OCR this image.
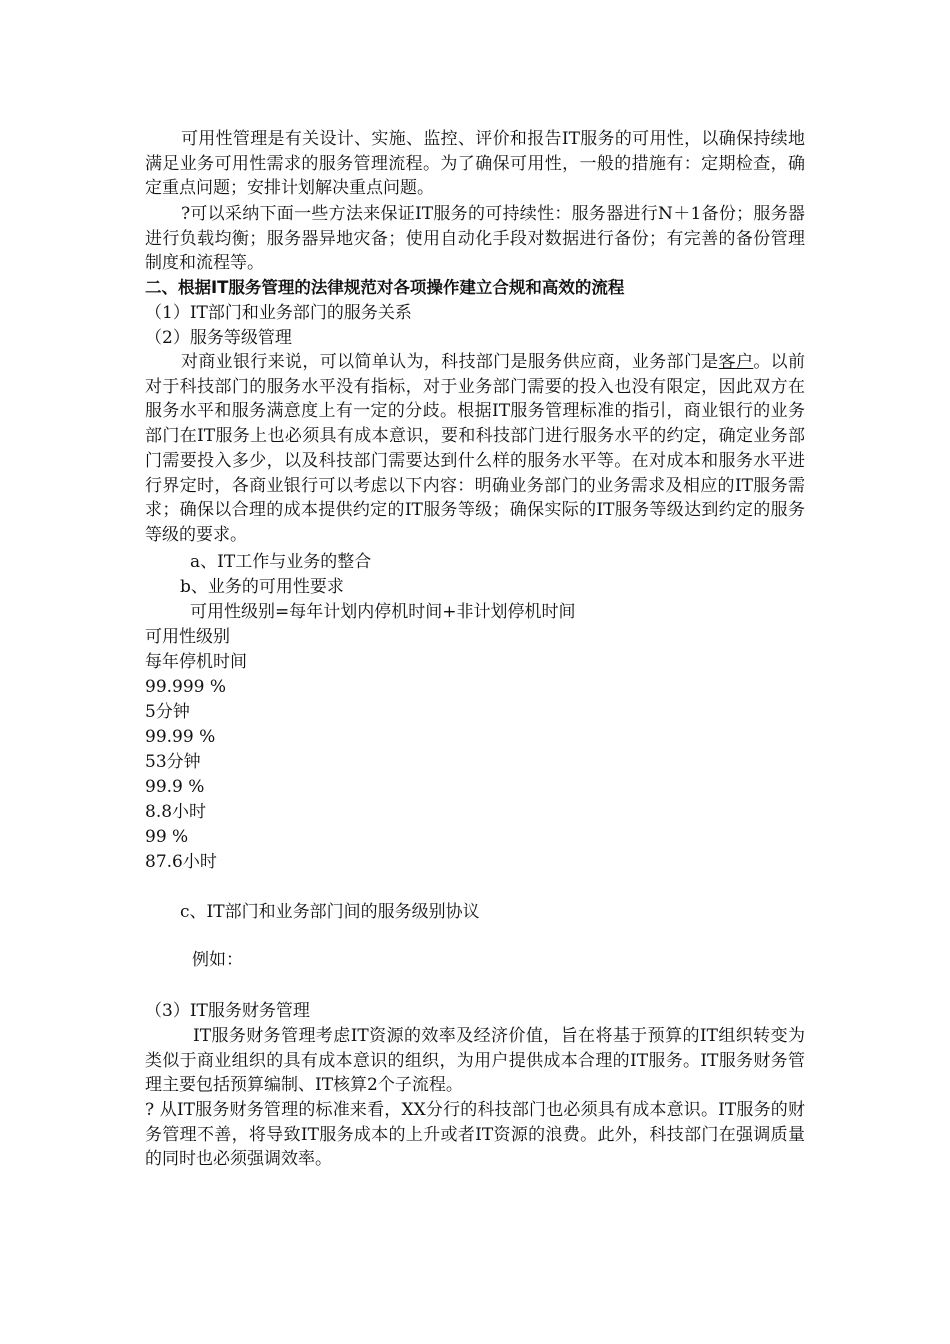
可用性管理是有关设计、实施、监控、评价和报告IT服务的可用性，以确保持续地满足业务可用性需求的服务管理流程。为了确保可用性，一般的措施有：定期检查，确定重点问题；安排计划解决重点问题。

?可以采纳下面一些方法来保证IT服务的可持续性：服务器进行N＋1备份；服务器进行负载均衡；服务器异地灾备；使用自动化手段对数据进行备份；有完善的备份管理制度和流程等。

二、根据IT服务管理的法律规范对各项操作建立合规和高效的流程

（1）IT部门和业务部门的服务关系

（2）服务等级管理

对商业银行来说，可以简单认为，科技部门是服务供应商，业务部门是客户。以前对于科技部门的服务水平没有指标，对于业务部门需要的投入也没有限定，因此双方在服务水平和服务满意度上有一定的分歧。根据IT服务管理标准的指引，商业银行的业务部门在IT服务上也必须具有成本意识，要和科技部门进行服务水平的约定，确定业务部门需要投入多少，以及科技部门需要达到什么样的服务水平等。在对成本和服务水平进行界定时，各商业银行可以考虑以下内容：明确业务部门的业务需求及相应的IT服务需求；确保以合理的成本提供约定的IT服务等级；确保实际的IT服务等级达到约定的服务等级的要求。

a、IT工作与业务的整合

b、业务的可用性要求

可用性级别=每年计划内停机时间+非计划停机时间

可用性级别

每年停机时间

99.999 %

5分钟

99.99 %

53分钟

99.9 %

8.8小时

99 %

87.6小时

c、IT部门和业务部门间的服务级别协议

例如：

（3）IT服务财务管理

IT服务财务管理考虑IT资源的效率及经济价值，旨在将基于预算的IT组织转变为类似于商业组织的具有成本意识的组织，为用户提供成本合理的IT服务。IT服务财务管理主要包括预算编制、IT核算2个子流程。

? 从IT服务财务管理的标准来看，XX分行的科技部门也必须具有成本意识。IT服务的财务管理不善，将导致IT服务成本的上升或者IT资源的浪费。此外，科技部门在强调质量的同时也必须强调效率。
